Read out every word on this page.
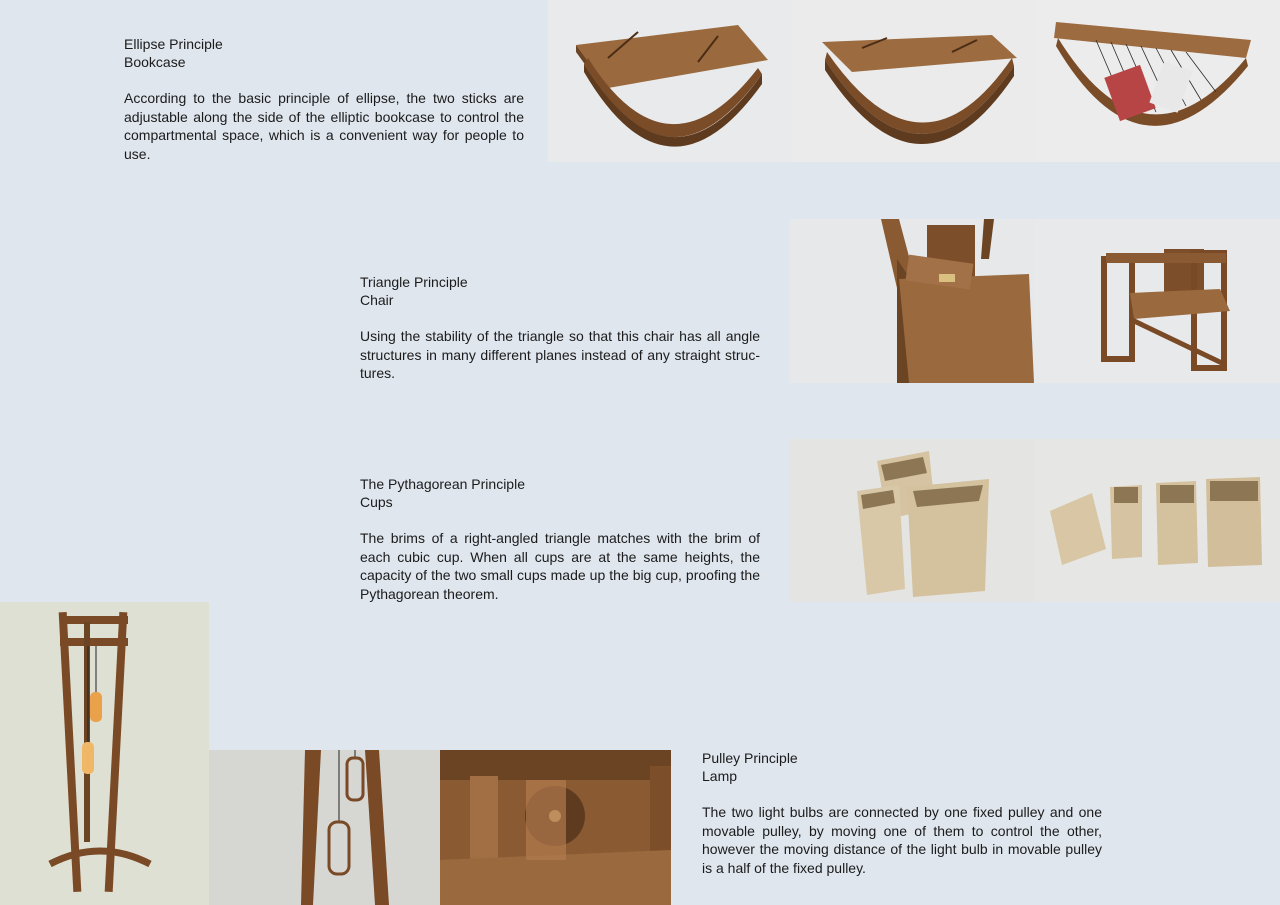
Ellipse Principle

Bookcase

According to the basic principle of ellipse, the two sticks are adjustable along the side of the elliptic bookcase to control the compartmental space, which is a convenient way for people to use.

Triangle Principle

Chair

Using the stability of the triangle so that this chair has all angle structures in many different planes instead of any straight struc-tures.

The Pythagorean Principle

Cups

The brims of a right-angled triangle matches with the brim of each cubic cup. When all cups are at the same heights, the capacity of the two small cups made up the big cup, proofing the Pythagorean theorem.

Pulley Principle

Lamp

The two light bulbs are connected by one fixed pulley and one movable pulley, by moving one of them to control the other, however the moving distance of the light bulb in movable pulley is a half of the fixed pulley.
